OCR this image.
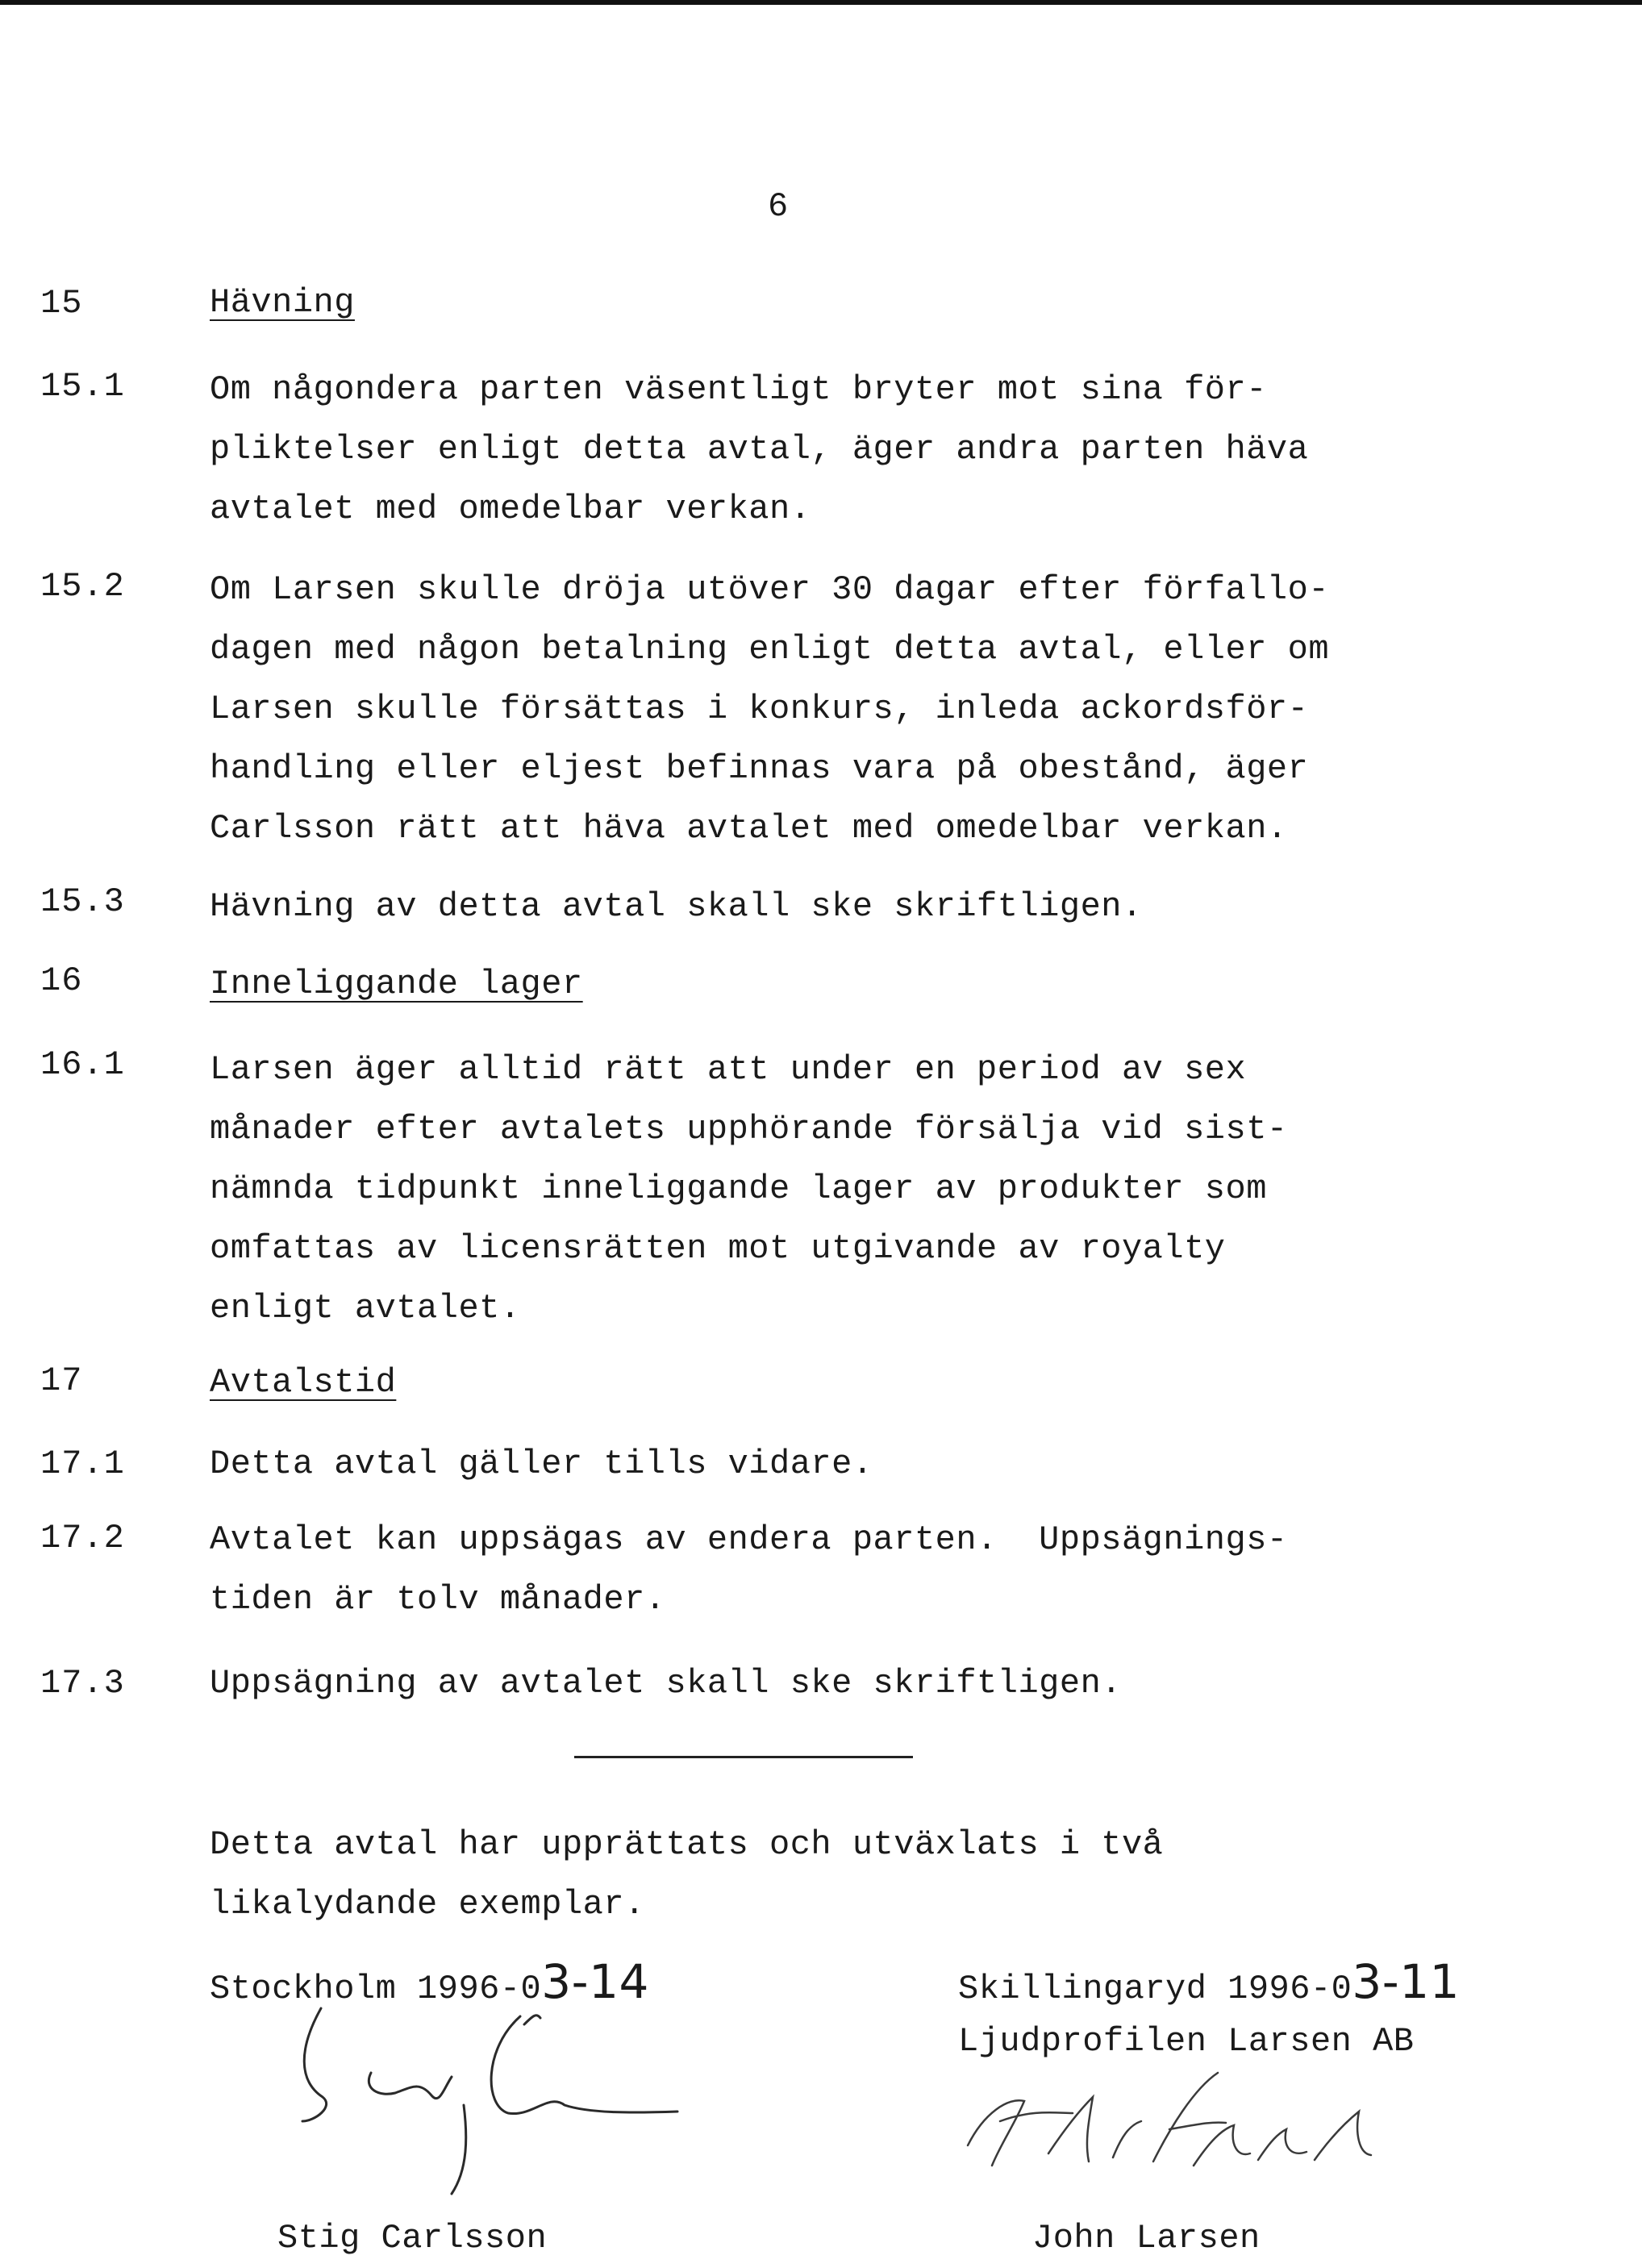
6
15	Hävning
15.1	Om någondera parten väsentligt bryter mot sina för-
pliktelser enligt detta avtal, äger andra parten häva
avtalet med omedelbar verkan.
15.2	Om Larsen skulle dröja utöver 30 dagar efter förfallo-
dagen med någon betalning enligt detta avtal, eller om
Larsen skulle försättas i konkurs, inleda ackordsför-
handling eller eljest befinnas vara på obestånd, äger
Carlsson rätt att häva avtalet med omedelbar verkan.
15.3	Hävning av detta avtal skall ske skriftligen.
16	Inneliggande lager
16.1	Larsen äger alltid rätt att under en period av sex
månader efter avtalets upphörande försälja vid sist-
nämnda tidpunkt inneliggande lager av produkter som
omfattas av licensrätten mot utgivande av royalty
enligt avtalet.
17	Avtalstid
17.1	Detta avtal gäller tills vidare.
17.2	Avtalet kan uppsägas av endera parten.  Uppsägnings-
tiden är tolv månader.
17.3	Uppsägning av avtalet skall ske skriftligen.
Detta avtal har upprättats och utväxlats i två
likalydande exemplar.
Stockholm 1996-03-14
Stig Carlsson
Skillingaryd 1996-03-11
Ljudprofilen Larsen AB
John Larsen
